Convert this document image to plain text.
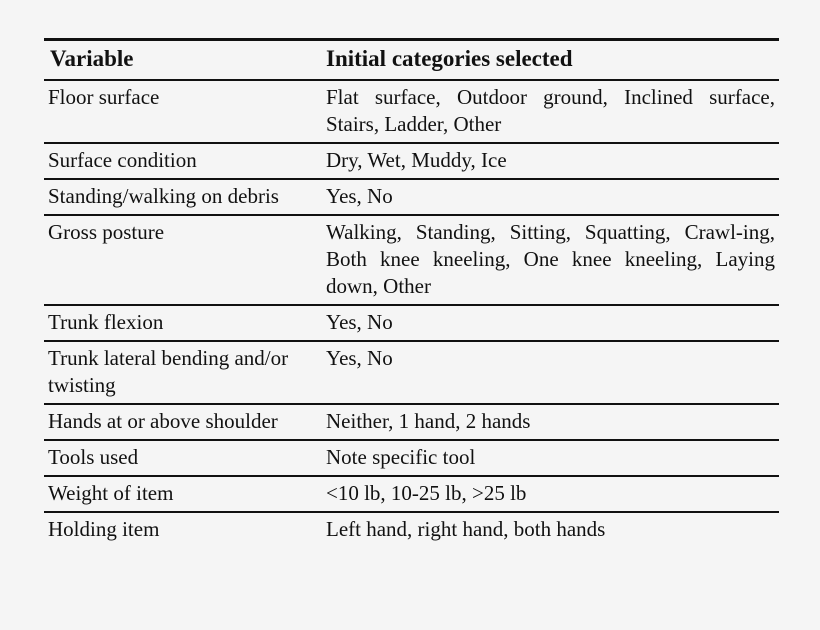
Variable	Initial categories selected
Floor surface	Flat surface, Outdoor ground, Inclined surface, Stairs, Ladder, Other
Surface condition	Dry, Wet, Muddy, Ice
Standing/walking on debris	Yes, No
Gross posture	Walking, Standing, Sitting, Squatting, Crawl-ing, Both knee kneeling, One knee kneeling, Laying down, Other
Trunk flexion	Yes, No
Trunk lateral bending and/or twisting	Yes, No
Hands at or above shoulder	Neither, 1 hand, 2 hands
Tools used	Note specific tool
Weight of item	<10 lb, 10-25 lb, >25 lb
Holding item	Left hand, right hand, both hands
